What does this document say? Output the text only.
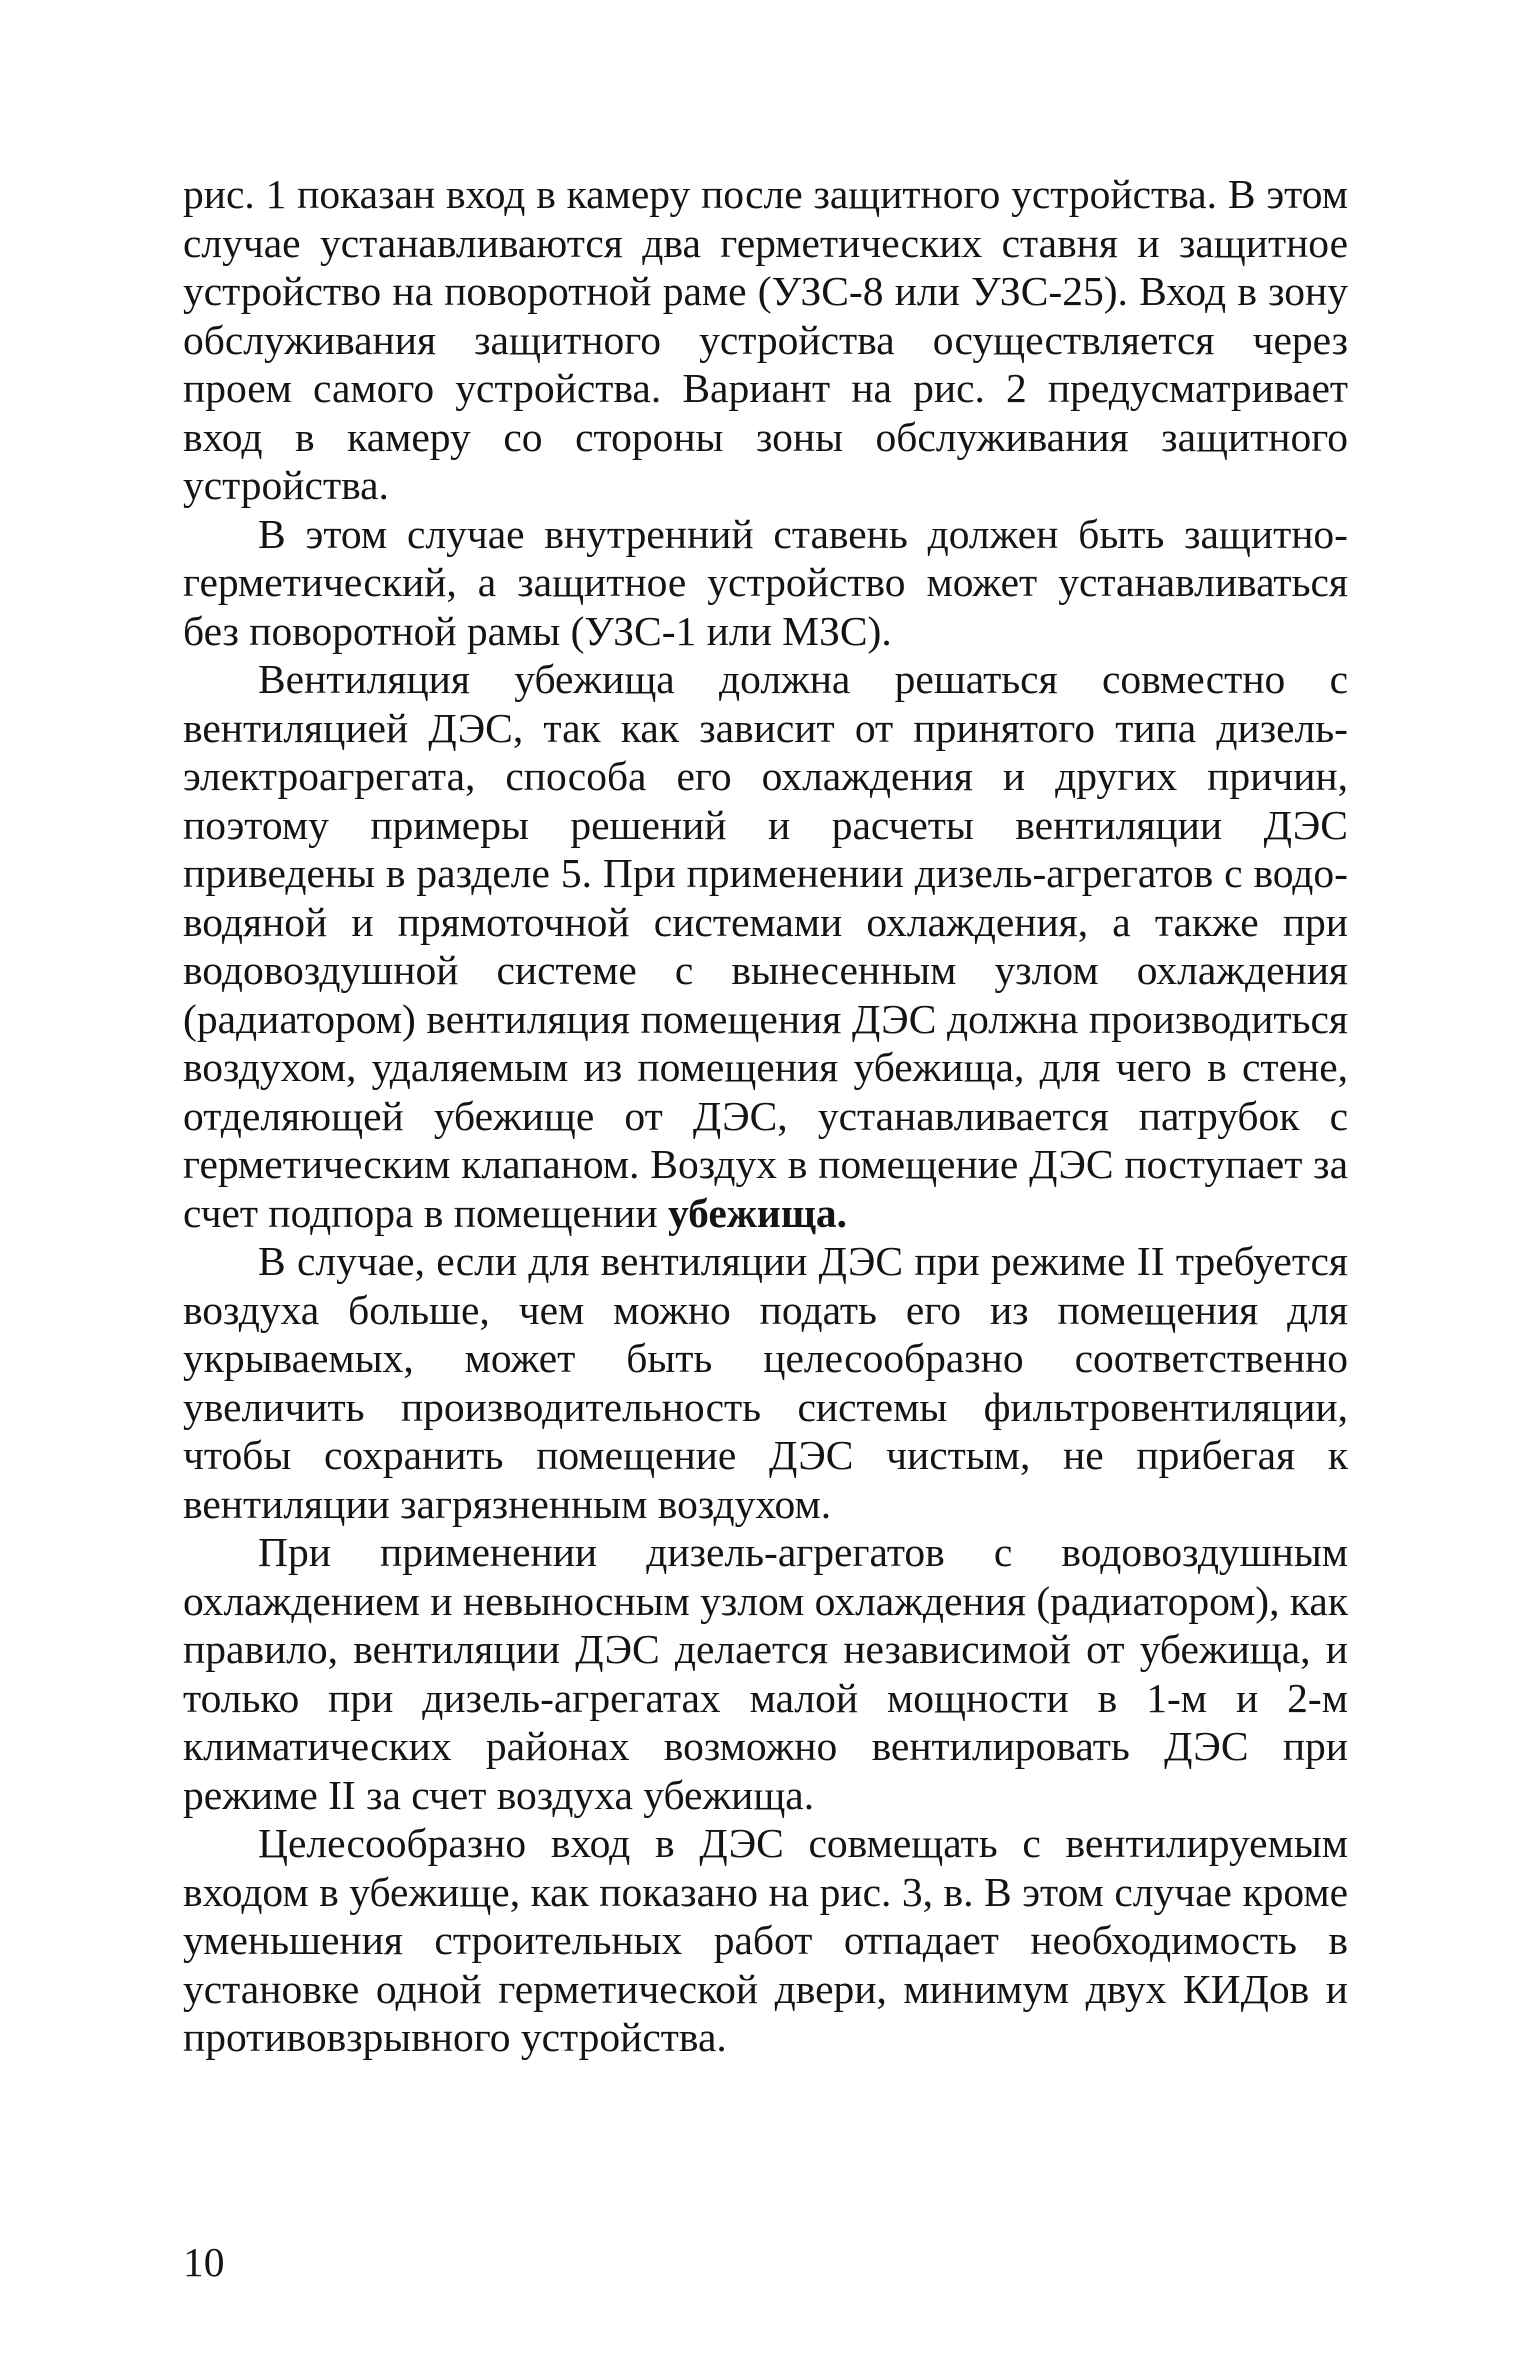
рис. 1 показан вход в камеру после защитного устройства. В этом случае устанавливаются два герметических ставня и защитное устройство на поворотной раме (УЗС-8 или УЗС-25). Вход в зону обслуживания защитного устройства осуществляется через проем самого устройства. Вариант на рис. 2 предусматривает вход в камеру со стороны зоны обслуживания защитного устройства.

В этом случае внутренний ставень должен быть защитно-герметический, а защитное устройство может устанавливаться без поворотной рамы (УЗС-1 или МЗС).

Вентиляция убежища должна решаться совместно с вентиляцией ДЭС, так как зависит от принятого типа дизель-электроагрегата, способа его охлаждения и других причин, поэтому примеры решений и расчеты вентиляции ДЭС приведены в разделе 5. При применении дизель-агрегатов с водо-водяной и прямоточной системами охлаждения, а также при водовоздушной системе с вынесенным узлом охлаждения (радиатором) вентиляция помещения ДЭС должна производиться воздухом, удаляемым из помещения убежища, для чего в стене, отделяющей убежище от ДЭС, устанавливается патрубок с герметическим клапаном. Воздух в помещение ДЭС поступает за счет подпора в помещении убежища.

В случае, если для вентиляции ДЭС при режиме II требуется воздуха больше, чем можно подать его из помещения для укрываемых, может быть целесообразно соответственно увеличить производительность системы фильтровентиляции, чтобы сохранить помещение ДЭС чистым, не прибегая к вентиляции загрязненным воздухом.

При применении дизель-агрегатов с водовоздушным охлаждением и невыносным узлом охлаждения (радиатором), как правило, вентиляции ДЭС делается независимой от убежища, и только при дизель-агрегатах малой мощности в 1-м и 2-м климатических районах возможно вентилировать ДЭС при режиме II за счет воздуха убежища.

Целесообразно вход в ДЭС совмещать с вентилируемым входом в убежище, как показано на рис. 3, в. В этом случае кроме уменьшения строительных работ отпадает необходимость в установке одной герметической двери, минимум двух КИДов и противовзрывного устройства.

10
